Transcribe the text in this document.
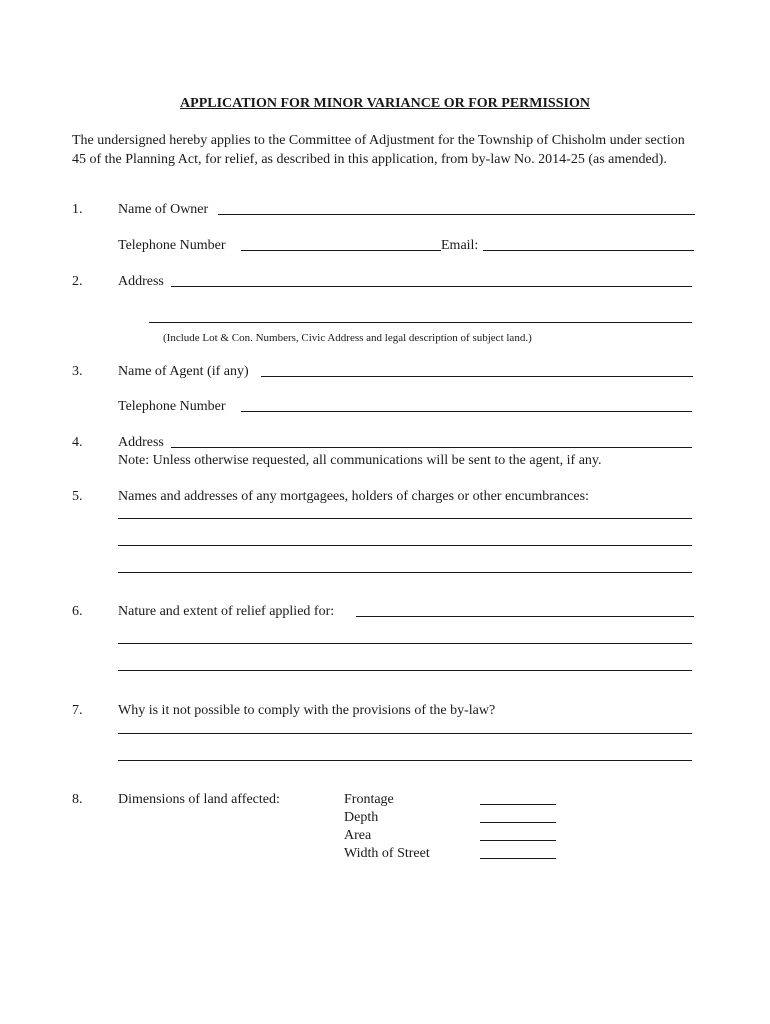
APPLICATION FOR MINOR VARIANCE OR FOR PERMISSION
The undersigned hereby applies to the Committee of Adjustment for the Township of Chisholm under section 45 of the Planning Act, for relief, as described in this application, from by-law No. 2014-25 (as amended).
1.	Name of Owner
Telephone Number	Email:
2.	Address
(Include Lot & Con. Numbers, Civic Address and legal description of subject land.)
3.	Name of Agent (if any)
Telephone Number
4.	Address
Note: Unless otherwise requested, all communications will be sent to the agent, if any.
5.	Names and addresses of any mortgagees, holders of charges or other encumbrances:
6.	Nature and extent of relief applied for:
7.	Why is it not possible to comply with the provisions of the by-law?
8.	Dimensions of land affected:	Frontage
Depth
Area
Width of Street
